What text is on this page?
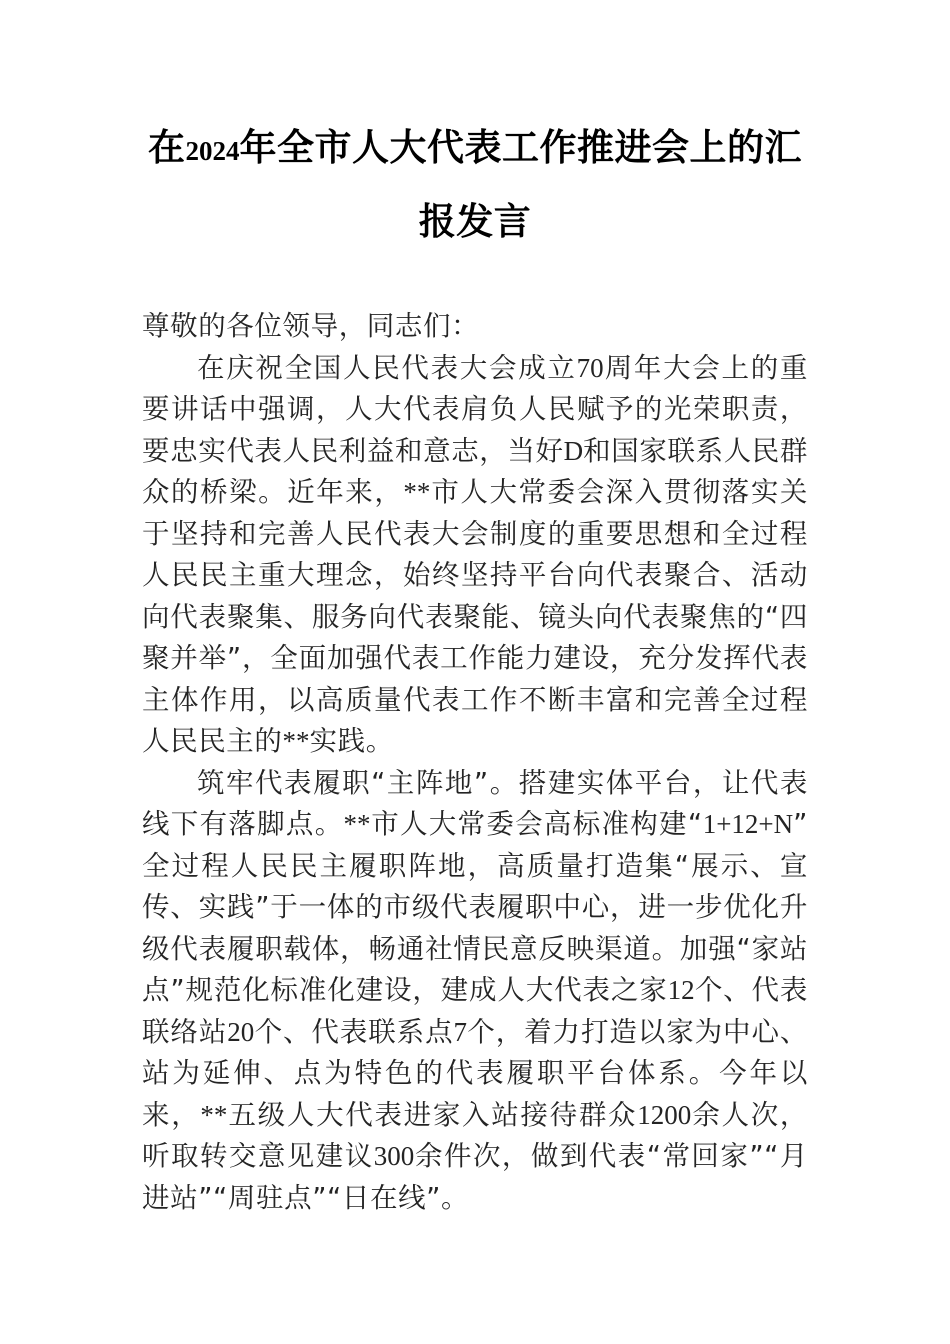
在2024年全市人大代表工作推进会上的汇报发言

尊敬的各位领导，同志们：

在庆祝全国人民代表大会成立70周年大会上的重要讲话中强调，人大代表肩负人民赋予的光荣职责，要忠实代表人民利益和意志，当好D和国家联系人民群众的桥梁。近年来，**市人大常委会深入贯彻落实关于坚持和完善人民代表大会制度的重要思想和全过程人民民主重大理念，始终坚持平台向代表聚合、活动向代表聚集、服务向代表聚能、镜头向代表聚焦的“四聚并举”，全面加强代表工作能力建设，充分发挥代表主体作用，以高质量代表工作不断丰富和完善全过程人民民主的**实践。

筑牢代表履职“主阵地”。搭建实体平台，让代表线下有落脚点。**市人大常委会高标准构建“1+12+N”全过程人民民主履职阵地，高质量打造集“展示、宣传、实践”于一体的市级代表履职中心，进一步优化升级代表履职载体，畅通社情民意反映渠道。加强“家站点”规范化标准化建设，建成人大代表之家12个、代表联络站20个、代表联系点7个，着力打造以家为中心、站为延伸、点为特色的代表履职平台体系。今年以来，**五级人大代表进家入站接待群众1200余人次，听取转交意见建议300余件次，做到代表“常回家”“月进站”“周驻点”“日在线”。
